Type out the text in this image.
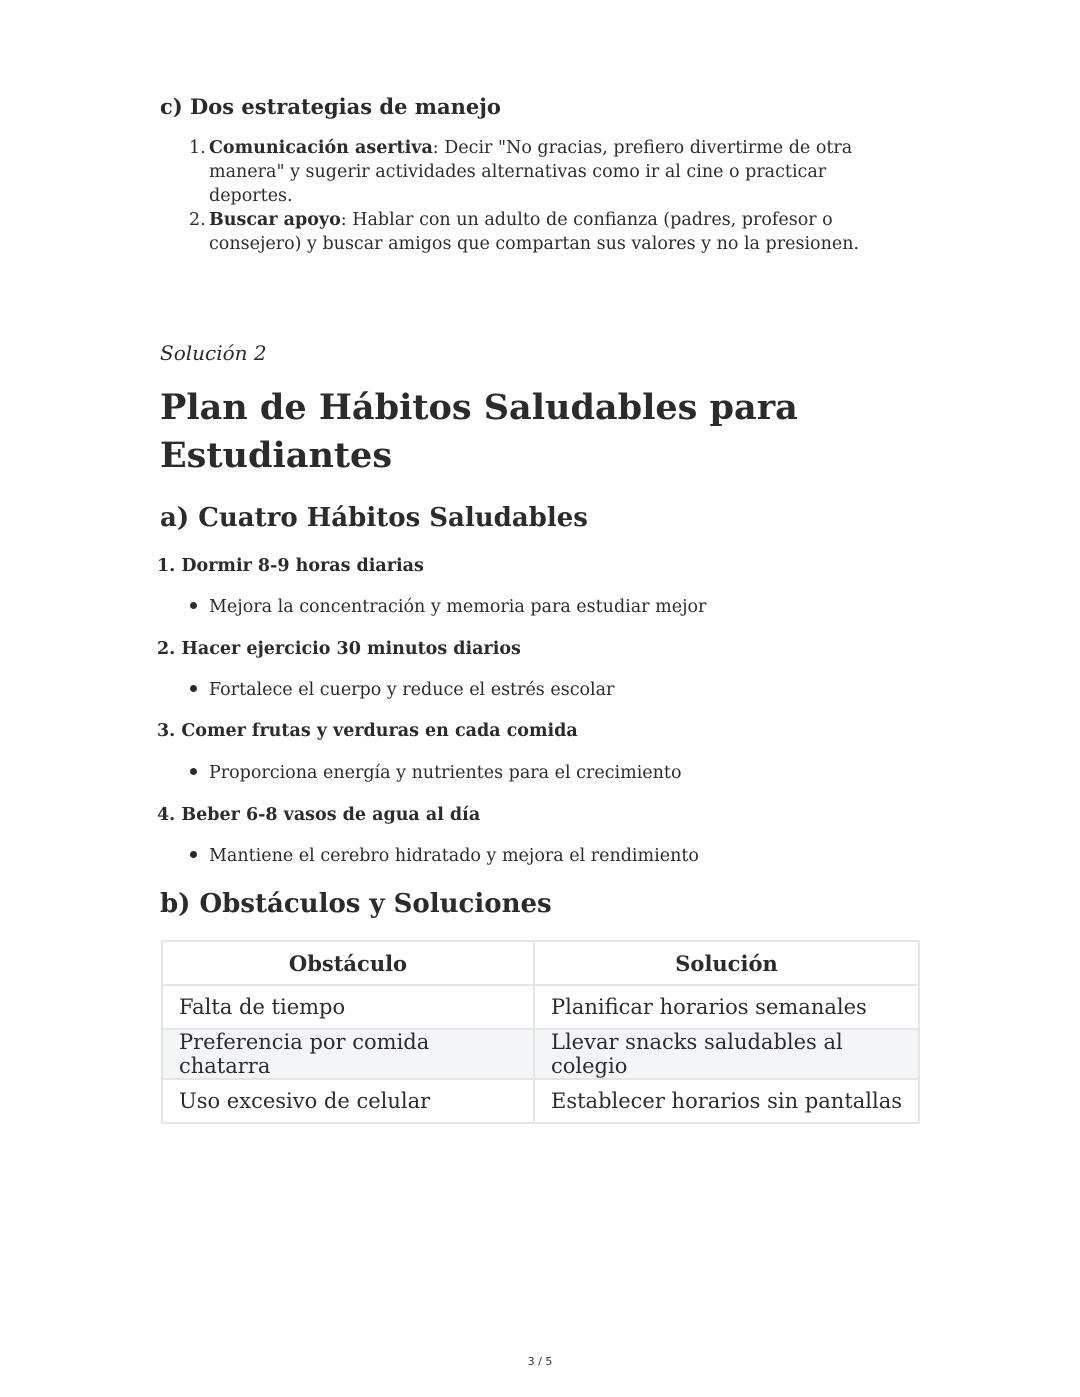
c) Dos estrategias de manejo
1. Comunicación asertiva: Decir "No gracias, prefiero divertirme de otra manera" y sugerir actividades alternativas como ir al cine o practicar deportes.
2. Buscar apoyo: Hablar con un adulto de confianza (padres, profesor o consejero) y buscar amigos que compartan sus valores y no la presionen.

Solución 2

Plan de Hábitos Saludables para Estudiantes
a) Cuatro Hábitos Saludables

1. Dormir 8-9 horas diarias

Mejora la concentración y memoria para estudiar mejor

2. Hacer ejercicio 30 minutos diarios

Fortalece el cuerpo y reduce el estrés escolar

3. Comer frutas y verduras en cada comida

Proporciona energía y nutrientes para el crecimiento

4. Beber 6-8 vasos de agua al día

Mantiene el cerebro hidratado y mejora el rendimiento

b) Obstáculos y Soluciones
Obstáculo	Solución
Falta de tiempo	Planificar horarios semanales
Preferencia por comida chatarra	Llevar snacks saludables al colegio
Uso excesivo de celular	Establecer horarios sin pantallas

3 / 5
